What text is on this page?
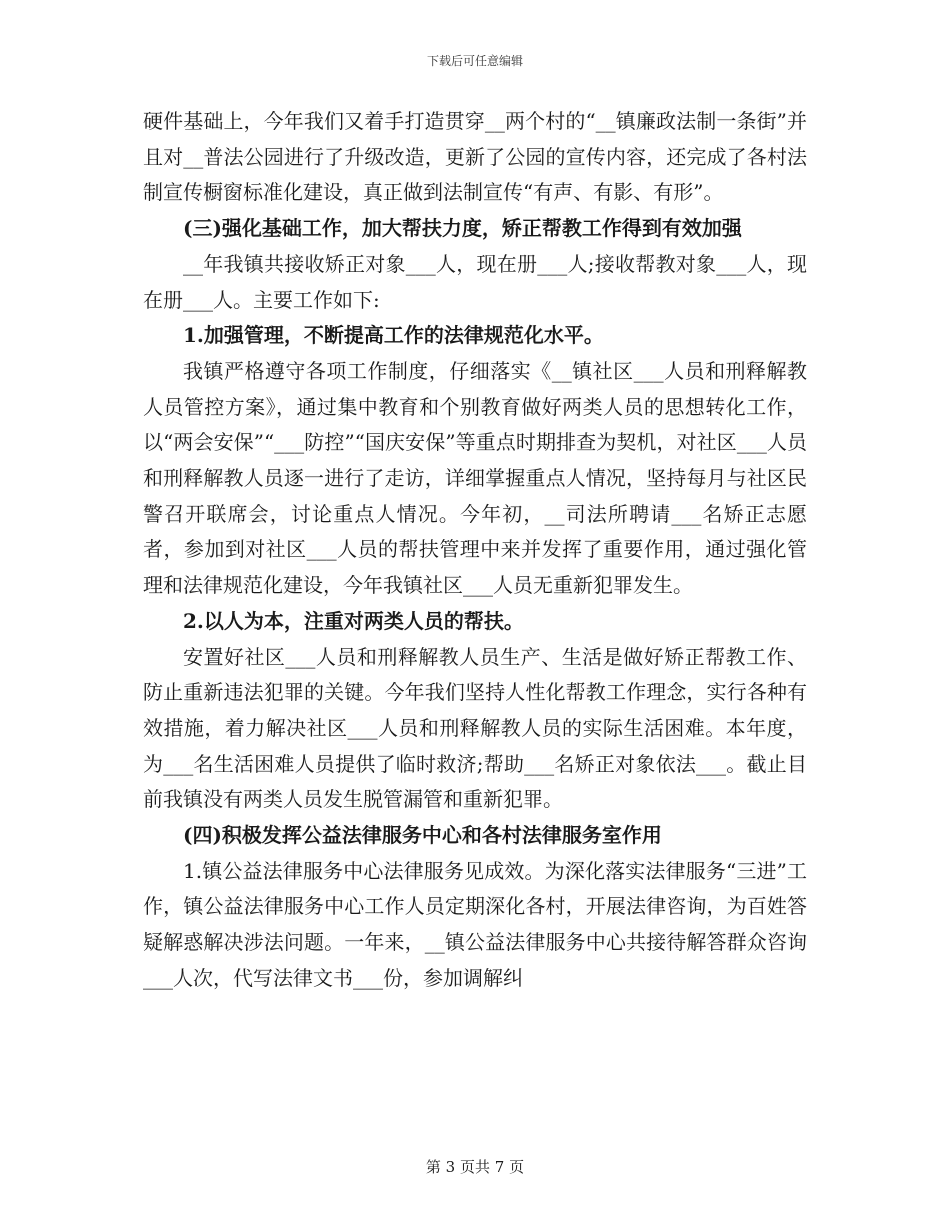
下载后可任意编辑

硬件基础上，今年我们又着手打造贯穿__两个村的“__镇廉政法制一条街”并且对__普法公园进行了升级改造，更新了公园的宣传内容，还完成了各村法制宣传橱窗标准化建设，真正做到法制宣传“有声、有影、有形”。

(三)强化基础工作，加大帮扶力度，矫正帮教工作得到有效加强

__年我镇共接收矫正对象___人，现在册___人;接收帮教对象___人，现在册___人。主要工作如下:

1.加强管理，不断提高工作的法律规范化水平。

我镇严格遵守各项工作制度，仔细落实《__镇社区___人员和刑释解教人员管控方案》，通过集中教育和个别教育做好两类人员的思想转化工作，以“两会安保”“___防控”“国庆安保”等重点时期排查为契机，对社区___人员和刑释解教人员逐一进行了走访，详细掌握重点人情况，坚持每月与社区民警召开联席会，讨论重点人情况。今年初，__司法所聘请___名矫正志愿者，参加到对社区___人员的帮扶管理中来并发挥了重要作用，通过强化管理和法律规范化建设，今年我镇社区___人员无重新犯罪发生。

2.以人为本，注重对两类人员的帮扶。

安置好社区___人员和刑释解教人员生产、生活是做好矫正帮教工作、防止重新违法犯罪的关键。今年我们坚持人性化帮教工作理念，实行各种有效措施，着力解决社区___人员和刑释解教人员的实际生活困难。本年度，为___名生活困难人员提供了临时救济;帮助___名矫正对象依法___。截止目前我镇没有两类人员发生脱管漏管和重新犯罪。

(四)积极发挥公益法律服务中心和各村法律服务室作用

1.镇公益法律服务中心法律服务见成效。为深化落实法律服务“三进”工作，镇公益法律服务中心工作人员定期深化各村，开展法律咨询，为百姓答疑解惑解决涉法问题。一年来，__镇公益法律服务中心共接待解答群众咨询___人次，代写法律文书___份，参加调解纠

第 3 页共 7 页
